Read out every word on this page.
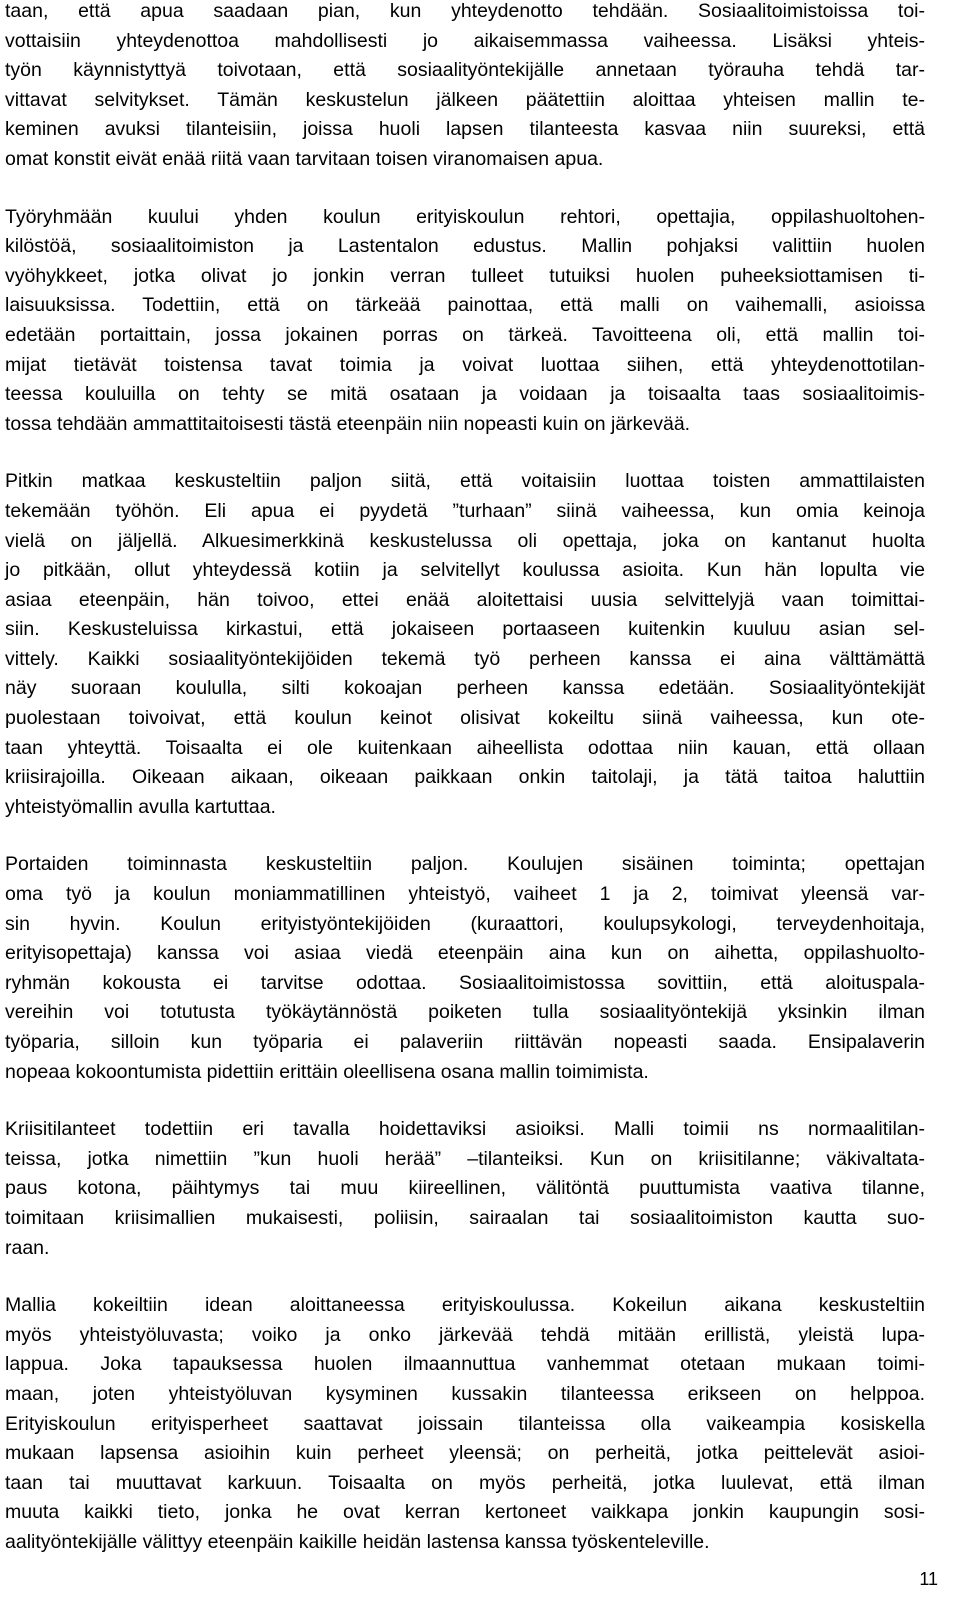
taan, että apua saadaan pian, kun yhteydenotto tehdään. Sosiaalitoimistoissa toi-
vottaisiin yhteydenottoa mahdollisesti jo aikaisemmassa vaiheessa. Lisäksi yhteis-
työn käynnistyttyä toivotaan, että sosiaalityöntekijälle annetaan työrauha tehdä tar-
vittavat selvitykset. Tämän keskustelun jälkeen päätettiin aloittaa yhteisen mallin te-
keminen avuksi tilanteisiin, joissa huoli lapsen tilanteesta kasvaa niin suureksi, että
omat konstit eivät enää riitä vaan tarvitaan toisen viranomaisen apua.
Työryhmään kuului yhden koulun erityiskoulun rehtori, opettajia, oppilashuoltohen-
kilöstöä, sosiaalitoimiston ja Lastentalon edustus. Mallin pohjaksi valittiin huolen
vyöhykkeet, jotka olivat jo jonkin verran tulleet tutuiksi huolen puheeksiottamisen ti-
laisuuksissa. Todettiin, että on tärkeää painottaa, että malli on vaihemalli, asioissa
edetään portaittain, jossa jokainen porras on tärkeä. Tavoitteena oli, että mallin toi-
mijat tietävät toistensa tavat toimia ja voivat luottaa siihen, että yhteydenottotilan-
teessa kouluilla on tehty se mitä osataan ja voidaan ja toisaalta taas sosiaalitoimis-
tossa tehdään ammattitaitoisesti tästä eteenpäin niin nopeasti kuin on järkevää.
Pitkin matkaa keskusteltiin paljon siitä, että voitaisiin luottaa toisten ammattilaisten
tekemään työhön. Eli apua ei pyydetä ”turhaan” siinä vaiheessa, kun omia keinoja
vielä on jäljellä. Alkuesimerkkinä keskustelussa oli opettaja, joka on kantanut huolta
jo pitkään, ollut yhteydessä kotiin ja selvitellyt koulussa asioita. Kun hän lopulta vie
asiaa eteenpäin, hän toivoo, ettei enää aloitettaisi uusia selvittelyjä vaan toimittai-
siin. Keskusteluissa kirkastui, että jokaiseen portaaseen kuitenkin kuuluu asian sel-
vittely. Kaikki sosiaalityöntekijöiden tekemä työ perheen kanssa ei aina välttämättä
näy suoraan koululla, silti kokoajan perheen kanssa edetään. Sosiaalityöntekijät
puolestaan toivoivat, että koulun keinot olisivat kokeiltu siinä vaiheessa, kun ote-
taan yhteyttä. Toisaalta ei ole kuitenkaan aiheellista odottaa niin kauan, että ollaan
kriisirajoilla. Oikeaan aikaan, oikeaan paikkaan onkin taitolaji, ja tätä taitoa haluttiin
yhteistyömallin avulla kartuttaa.
Portaiden toiminnasta keskusteltiin paljon. Koulujen sisäinen toiminta; opettajan
oma työ ja koulun moniammatillinen yhteistyö, vaiheet 1 ja 2, toimivat yleensä var-
sin hyvin. Koulun erityistyöntekijöiden (kuraattori, koulupsykologi, terveydenhoitaja,
erityisopettaja) kanssa voi asiaa viedä eteenpäin aina kun on aihetta, oppilashuolto-
ryhmän kokousta ei tarvitse odottaa. Sosiaalitoimistossa sovittiin, että aloituspala-
vereihin voi totutusta työkäytännöstä poiketen tulla sosiaalityöntekijä yksinkin ilman
työparia, silloin kun työparia ei palaveriin riittävän nopeasti saada. Ensipalaverin
nopeaa kokoontumista pidettiin erittäin oleellisena osana mallin toimimista.
Kriisitilanteet todettiin eri tavalla hoidettaviksi asioiksi. Malli toimii ns normaalitilan-
teissa, jotka nimettiin ”kun huoli herää” –tilanteiksi. Kun on kriisitilanne; väkivaltata-
paus kotona, päihtymys tai muu kiireellinen, välitöntä puuttumista vaativa tilanne,
toimitaan kriisimallien mukaisesti, poliisin, sairaalan tai sosiaalitoimiston kautta suo-
raan.
Mallia kokeiltiin idean aloittaneessa erityiskoulussa. Kokeilun aikana keskusteltiin
myös yhteistyöluvasta; voiko ja onko järkevää tehdä mitään erillistä, yleistä lupa-
lappua. Joka tapauksessa huolen ilmaannuttua vanhemmat otetaan mukaan toimi-
maan, joten yhteistyöluvan kysyminen kussakin tilanteessa erikseen on helppoa.
Erityiskoulun erityisperheet saattavat joissain tilanteissa olla vaikeampia kosiskella
mukaan lapsensa asioihin kuin perheet yleensä; on perheitä, jotka peittelevät asioi-
taan tai muuttavat karkuun. Toisaalta on myös perheitä, jotka luulevat, että ilman
muuta kaikki tieto, jonka he ovat kerran kertoneet vaikkapa jonkin kaupungin sosi-
aalityöntekijälle välittyy eteenpäin kaikille heidän lastensa kanssa työskenteleville.
11
